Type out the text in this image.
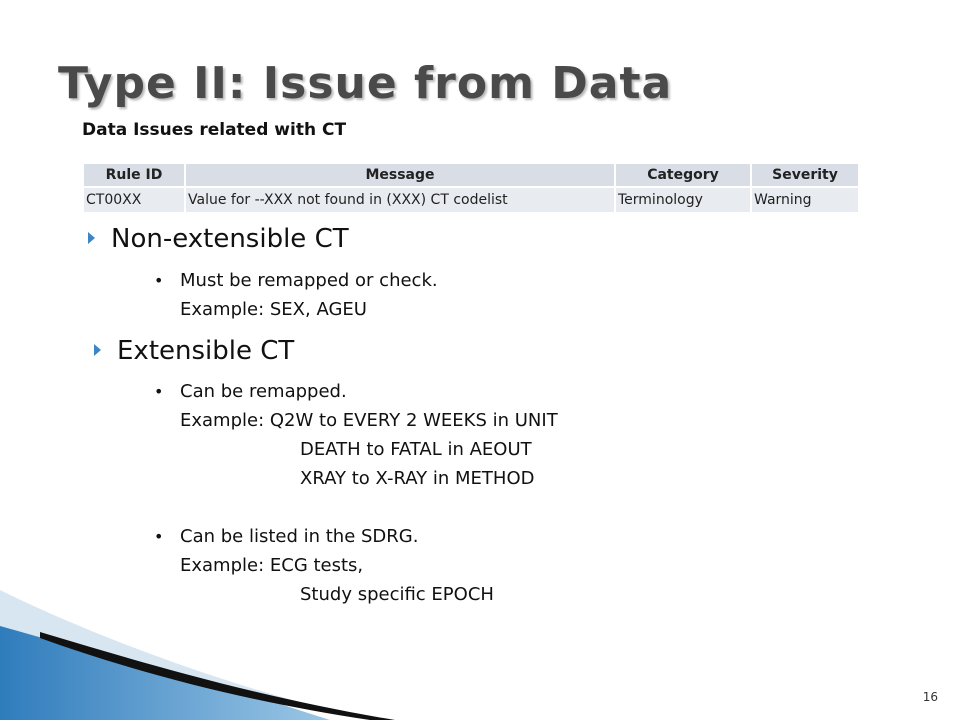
Type II: Issue from Data
Data Issues related with CT
Rule ID	Message	Category	Severity
CT00XX	Value for --XXX not found in (XXX) CT codelist	Terminology	Warning
Non-extensible CT
• Must be remapped or check.
Example: SEX, AGEU
Extensible CT
• Can be remapped.
Example: Q2W to EVERY 2 WEEKS in UNIT
DEATH to FATAL in AEOUT
XRAY to X-RAY in METHOD
• Can be listed in the SDRG.
Example: ECG tests,
Study specific EPOCH
16
